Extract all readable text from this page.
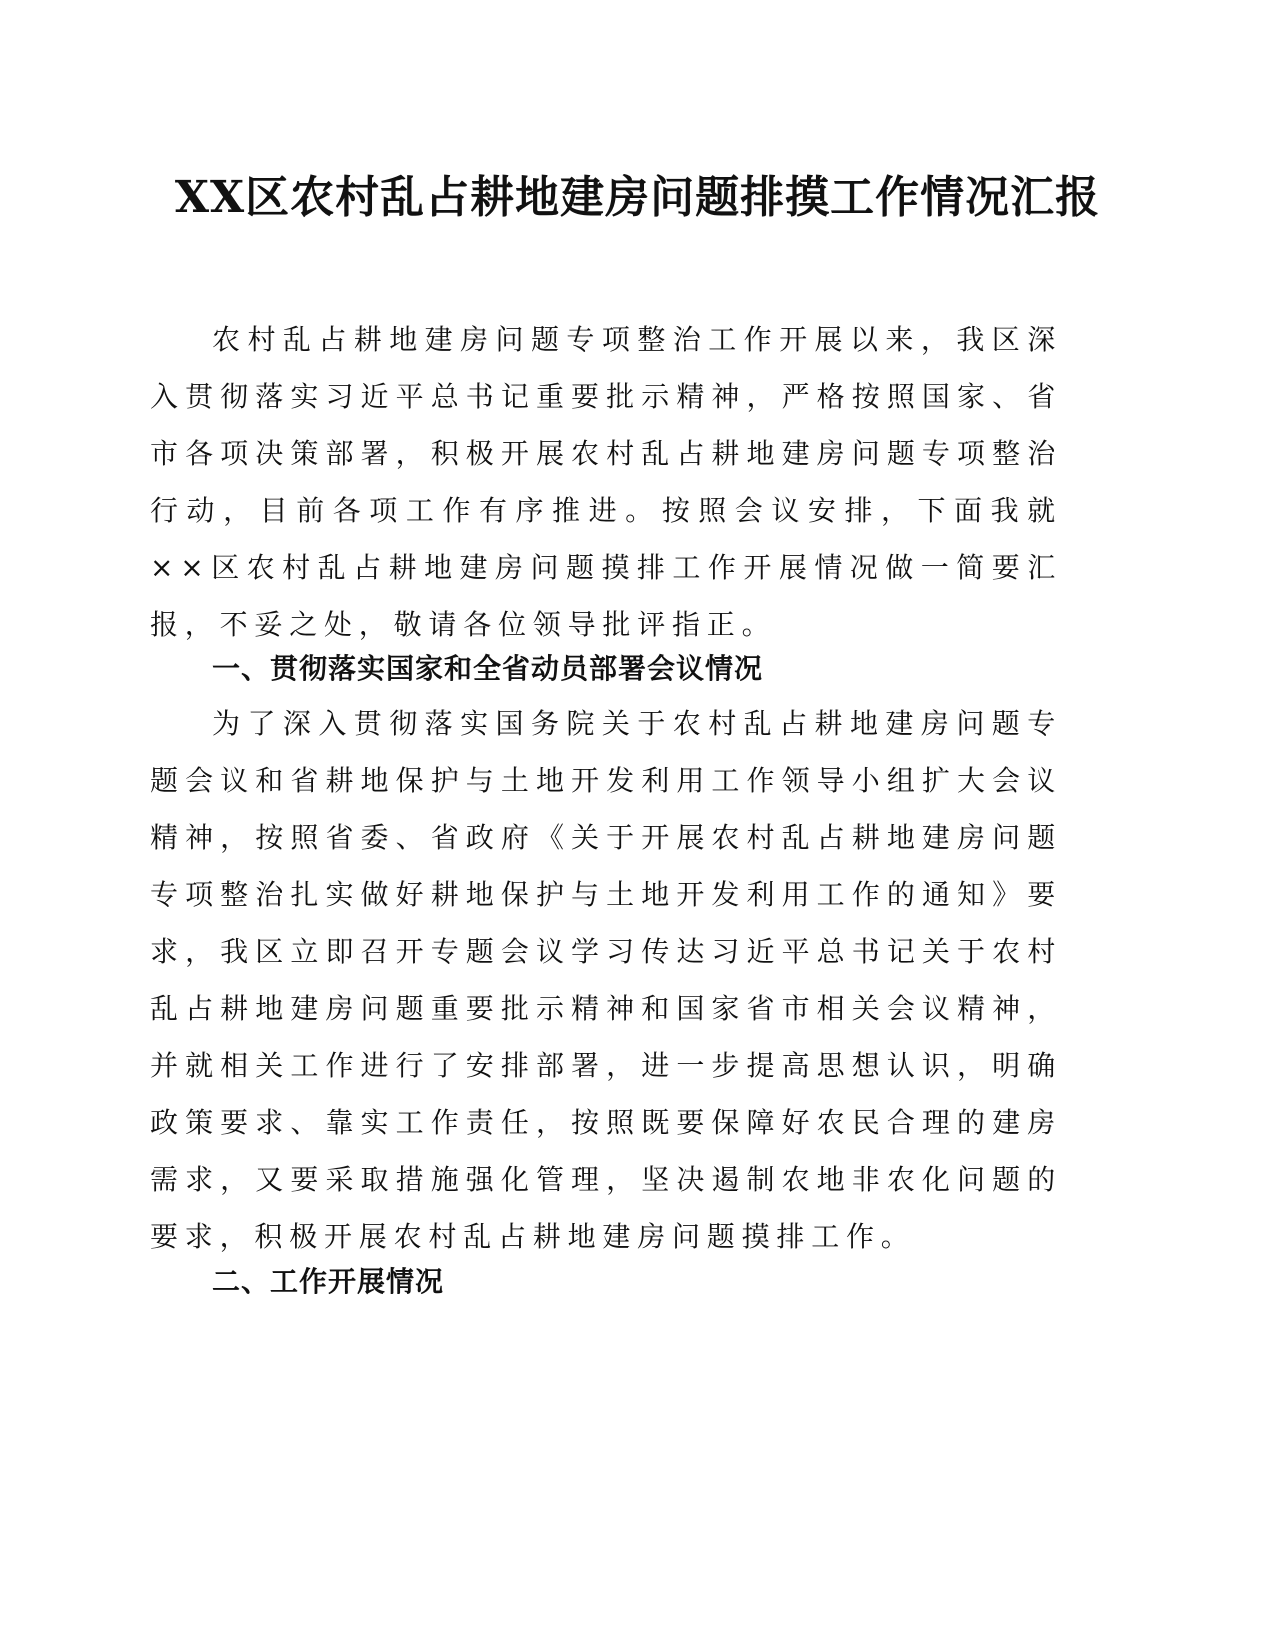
XX区农村乱占耕地建房问题排摸工作情况汇报

农村乱占耕地建房问题专项整治工作开展以来，我区深入贯彻落实习近平总书记重要批示精神，严格按照国家、省市各项决策部署，积极开展农村乱占耕地建房问题专项整治行动，目前各项工作有序推进。按照会议安排，下面我就××区农村乱占耕地建房问题摸排工作开展情况做一简要汇报，不妥之处，敬请各位领导批评指正。

一、贯彻落实国家和全省动员部署会议情况

为了深入贯彻落实国务院关于农村乱占耕地建房问题专题会议和省耕地保护与土地开发利用工作领导小组扩大会议精神，按照省委、省政府《关于开展农村乱占耕地建房问题专项整治扎实做好耕地保护与土地开发利用工作的通知》要求，我区立即召开专题会议学习传达习近平总书记关于农村乱占耕地建房问题重要批示精神和国家省市相关会议精神，并就相关工作进行了安排部署，进一步提高思想认识，明确政策要求、靠实工作责任，按照既要保障好农民合理的建房需求，又要采取措施强化管理，坚决遏制农地非农化问题的要求，积极开展农村乱占耕地建房问题摸排工作。

二、工作开展情况
